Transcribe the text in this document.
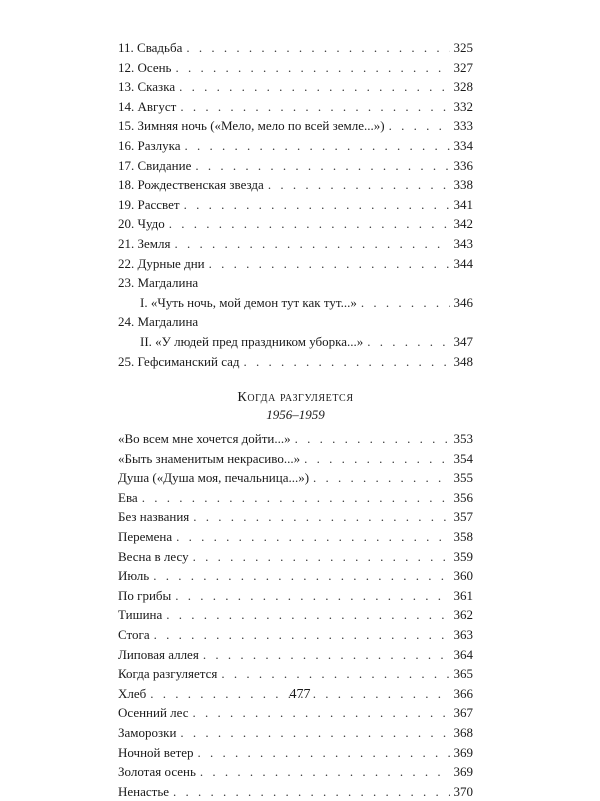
11. Свадьба . . .	325
12. Осень . . .	327
13. Сказка . . .	328
14. Август . . .	332
15. Зимняя ночь («Мело, мело по всей земле...») . . .	333
16. Разлука . . .	334
17. Свидание . . .	336
18. Рождественская звезда . . .	338
19. Рассвет . . .	341
20. Чудо . . .	342
21. Земля . . .	343
22. Дурные дни . . .	344
23. Магдалина
I. «Чуть ночь, мой демон тут как тут...» . . .	346
24. Магдалина
II. «У людей пред праздником уборка...» . . .	347
25. Гефсиманский сад . . .	348
Когда разгуляется
1956–1959
«Во всем мне хочется дойти...» . . .	353
«Быть знаменитым некрасиво...» . . .	354
Душа («Душа моя, печальница...») . . .	355
Ева . . .	356
Без названия . . .	357
Перемена . . .	358
Весна в лесу . . .	359
Июль . . .	360
По грибы . . .	361
Тишина . . .	362
Стога . . .	363
Липовая аллея . . .	364
Когда разгуляется . . .	365
Хлеб . . .	366
Осенний лес . . .	367
Заморозки . . .	368
Ночной ветер . . .	369
Золотая осень . . .	369
Ненастье . . .	370
477
